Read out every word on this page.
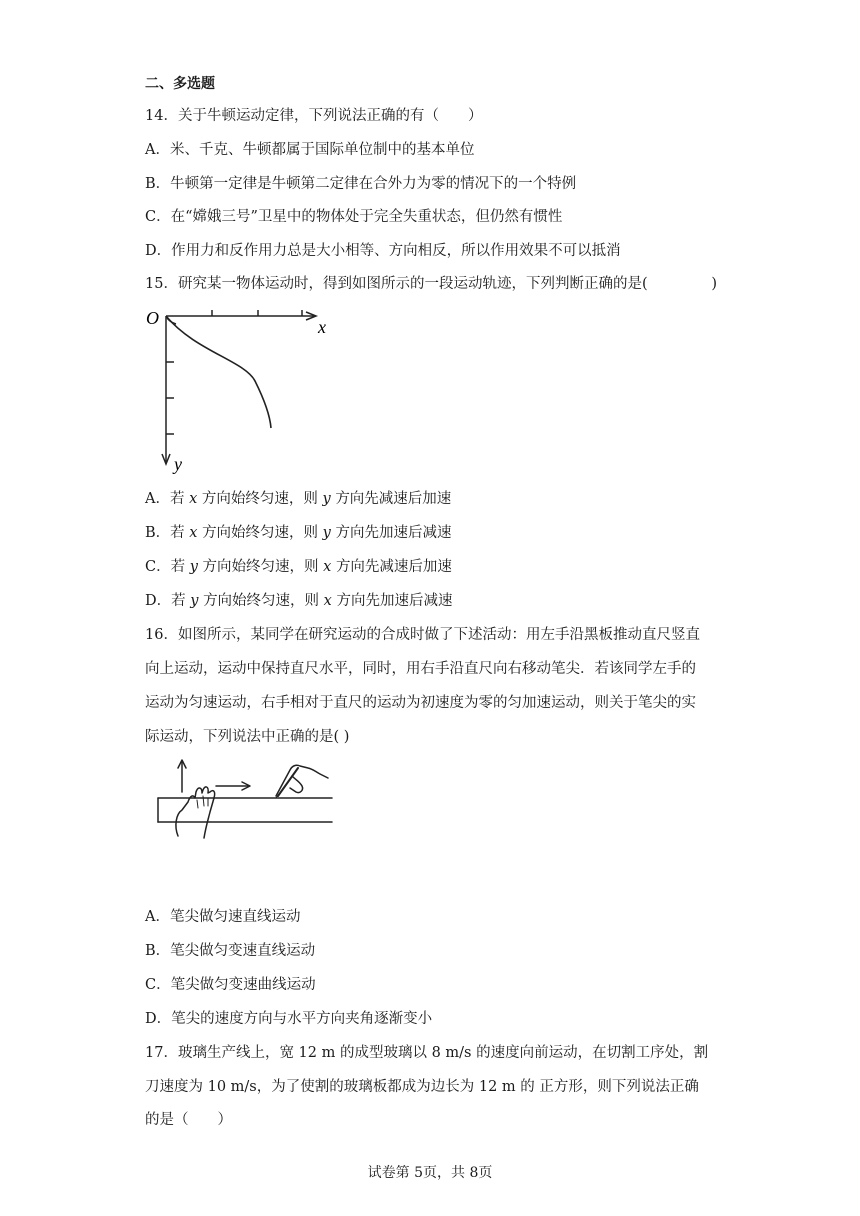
二、多选题
14．关于牛顿运动定律，下列说法正确的有（　　）
A．米、千克、牛顿都属于国际单位制中的基本单位
B．牛顿第一定律是牛顿第二定律在合外力为零的情况下的一个特例
C．在“嫦娥三号”卫星中的物体处于完全失重状态，但仍然有惯性
D．作用力和反作用力总是大小相等、方向相反，所以作用效果不可以抵消
15．研究某一物体运动时，得到如图所示的一段运动轨迹，下列判断正确的是(	)
O	x
y
A．若 x 方向始终匀速，则 y 方向先减速后加速
B．若 x 方向始终匀速，则 y 方向先加速后减速
C．若 y 方向始终匀速，则 x 方向先减速后加速
D．若 y 方向始终匀速，则 x 方向先加速后减速
16．如图所示，某同学在研究运动的合成时做了下述活动：用左手沿黑板推动直尺竖直
向上运动，运动中保持直尺水平，同时，用右手沿直尺向右移动笔尖．若该同学左手的
运动为匀速运动，右手相对于直尺的运动为初速度为零的匀加速运动，则关于笔尖的实
际运动，下列说法中正确的是( )
A．笔尖做匀速直线运动
B．笔尖做匀变速直线运动
C．笔尖做匀变速曲线运动
D．笔尖的速度方向与水平方向夹角逐渐变小
17．玻璃生产线上，宽 12 m 的成型玻璃以 8 m/s 的速度向前运动，在切割工序处，割
刀速度为 10 m/s，为了使割的玻璃板都成为边长为 12 m 的 正方形，则下列说法正确
的是（　　）
试卷第 5页，共 8页
